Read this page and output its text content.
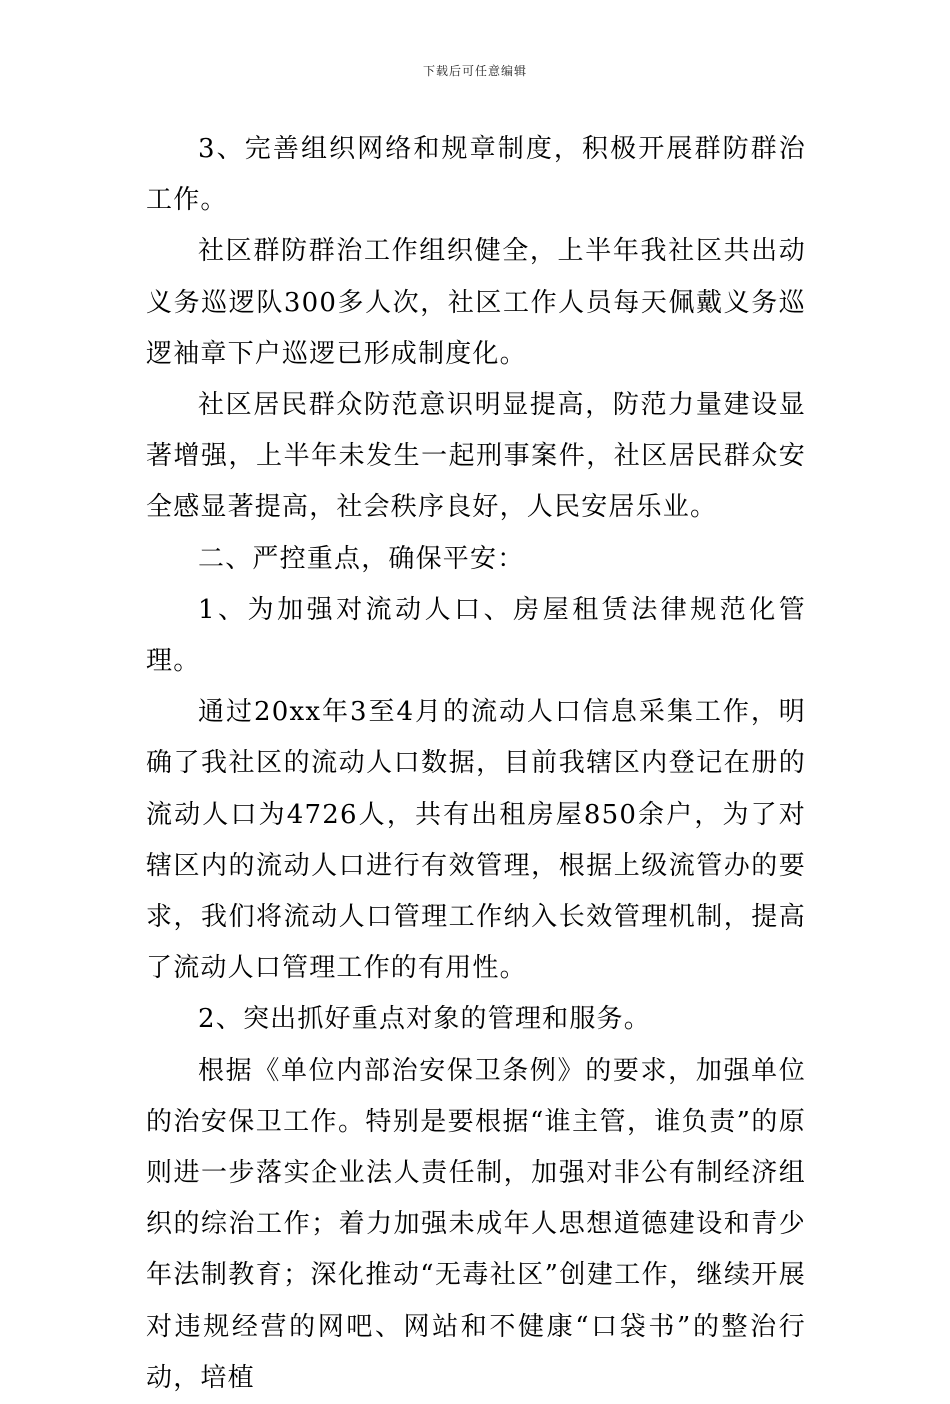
下载后可任意编辑

3、完善组织网络和规章制度，积极开展群防群治工作。

社区群防群治工作组织健全，上半年我社区共出动义务巡逻队300多人次，社区工作人员每天佩戴义务巡逻袖章下户巡逻已形成制度化。

社区居民群众防范意识明显提高，防范力量建设显著增强，上半年未发生一起刑事案件，社区居民群众安全感显著提高，社会秩序良好，人民安居乐业。

二、严控重点，确保平安：

1、为加强对流动人口、房屋租赁法律规范化管理。

通过20xx年3至4月的流动人口信息采集工作，明确了我社区的流动人口数据，目前我辖区内登记在册的流动人口为4726人，共有出租房屋850余户，为了对辖区内的流动人口进行有效管理，根据上级流管办的要求，我们将流动人口管理工作纳入长效管理机制，提高了流动人口管理工作的有用性。

2、突出抓好重点对象的管理和服务。

根据《单位内部治安保卫条例》的要求，加强单位的治安保卫工作。特别是要根据“谁主管，谁负责”的原则进一步落实企业法人责任制，加强对非公有制经济组织的综治工作；着力加强未成年人思想道德建设和青少年法制教育；深化推动“无毒社区”创建工作，继续开展对违规经营的网吧、网站和不健康“口袋书”的整治行动，培植
